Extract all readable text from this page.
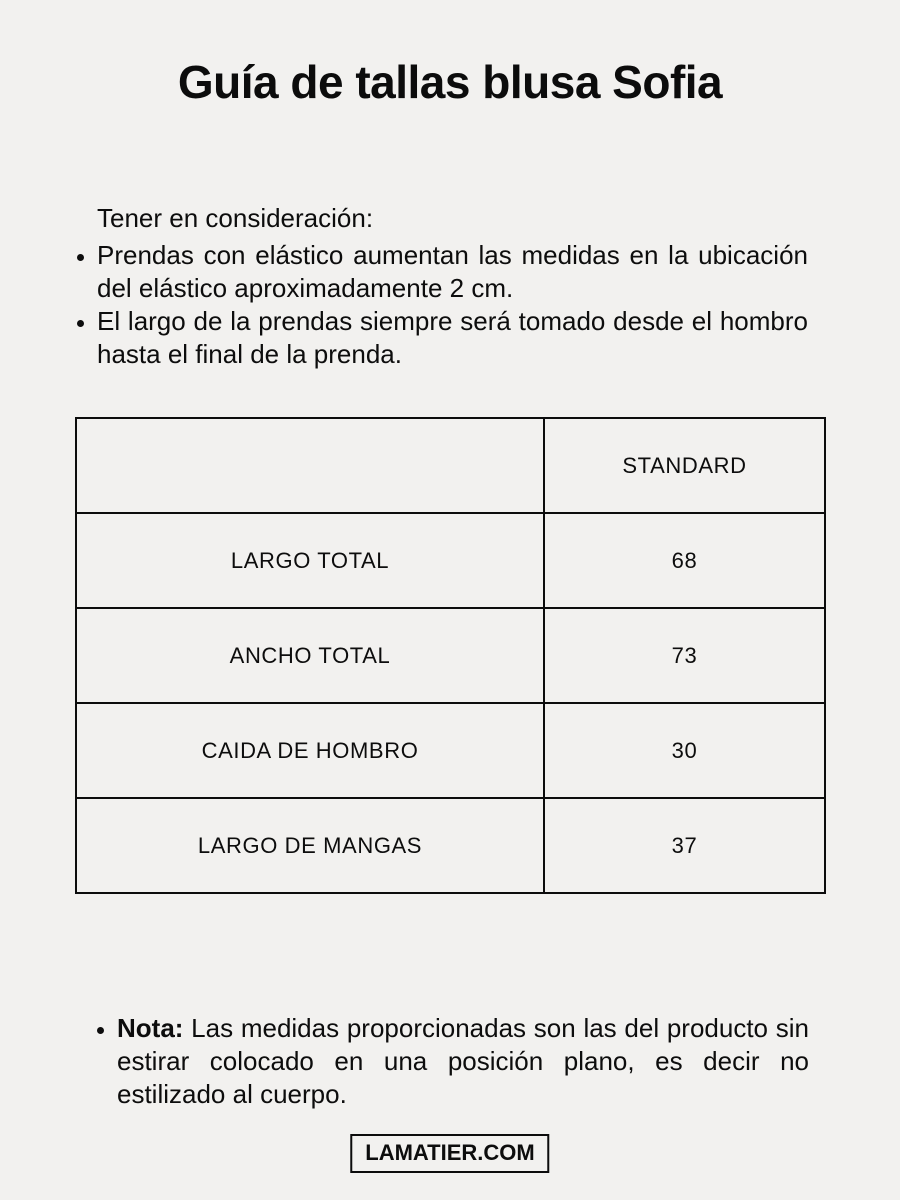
Guía de tallas blusa Sofia

Tener en consideración:

• Prendas con elástico aumentan las medidas en la ubicación del elástico aproximadamente 2 cm.
• El largo de la prendas siempre será tomado desde el hombro hasta el final de la prenda.
	STANDARD
LARGO TOTAL	68
ANCHO TOTAL	73
CAIDA DE HOMBRO	30
LARGO DE MANGAS	37
• Nota: Las medidas proporcionadas son las del producto sin estirar colocado en una posición plano, es decir no estilizado al cuerpo.
LAMATIER.COM
